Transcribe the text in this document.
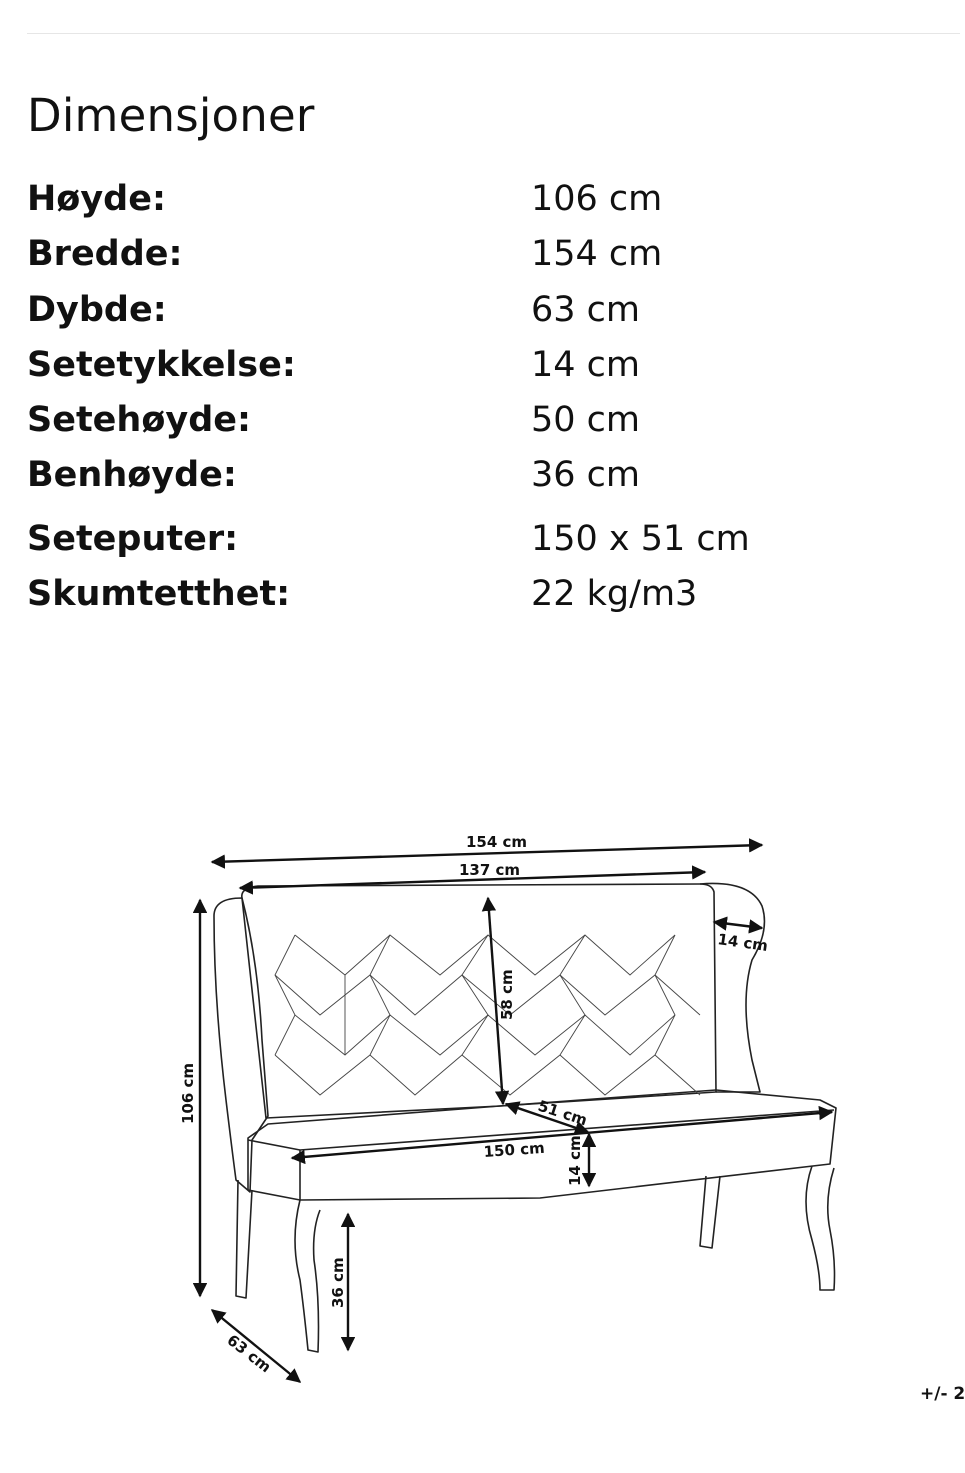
Dimensjoner
Høyde:	106 cm
Bredde:	154 cm
Dybde:	63 cm
Setetykkelse:	14 cm
Setehøyde:	50 cm
Benhøyde:	36 cm
Seteputer:	150 x 51 cm
Skumtetthet:	22 kg/m3
154 cm
137 cm
14 cm
58 cm
51 cm
150 cm 14 cm
106 cm
36 cm
63 cm
+/- 2
